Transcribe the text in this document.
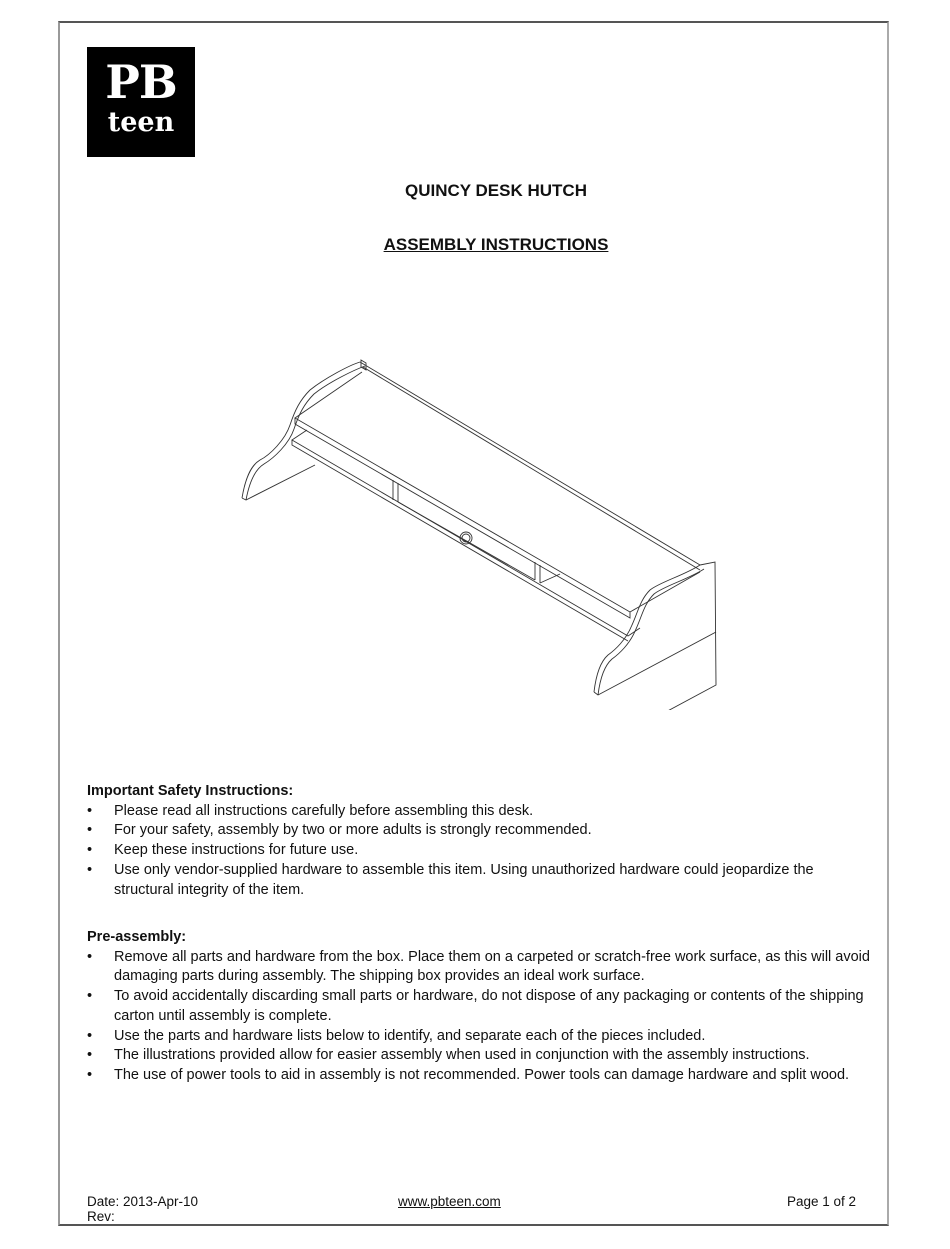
PB
teen
QUINCY DESK HUTCH
ASSEMBLY INSTRUCTIONS
Important Safety Instructions:
• Please read all instructions carefully before assembling this desk.
• For your safety, assembly by two or more adults is strongly recommended.
• Keep these instructions for future use.
• Use only vendor-supplied hardware to assemble this item. Using unauthorized hardware could jeopardize the structural integrity of the item.
Pre-assembly:
• Remove all parts and hardware from the box. Place them on a carpeted or scratch-free work surface, as this will avoid damaging parts during assembly. The shipping box provides an ideal work surface.
• To avoid accidentally discarding small parts or hardware, do not dispose of any packaging or contents of the shipping carton until assembly is complete.
• Use the parts and hardware lists below to identify, and separate each of the pieces included.
• The illustrations provided allow for easier assembly when used in conjunction with the assembly instructions.
• The use of power tools to aid in assembly is not recommended. Power tools can damage hardware and split wood.
Date: 2013-Apr-10
Rev:
www.pbteen.com	Page 1 of 2
